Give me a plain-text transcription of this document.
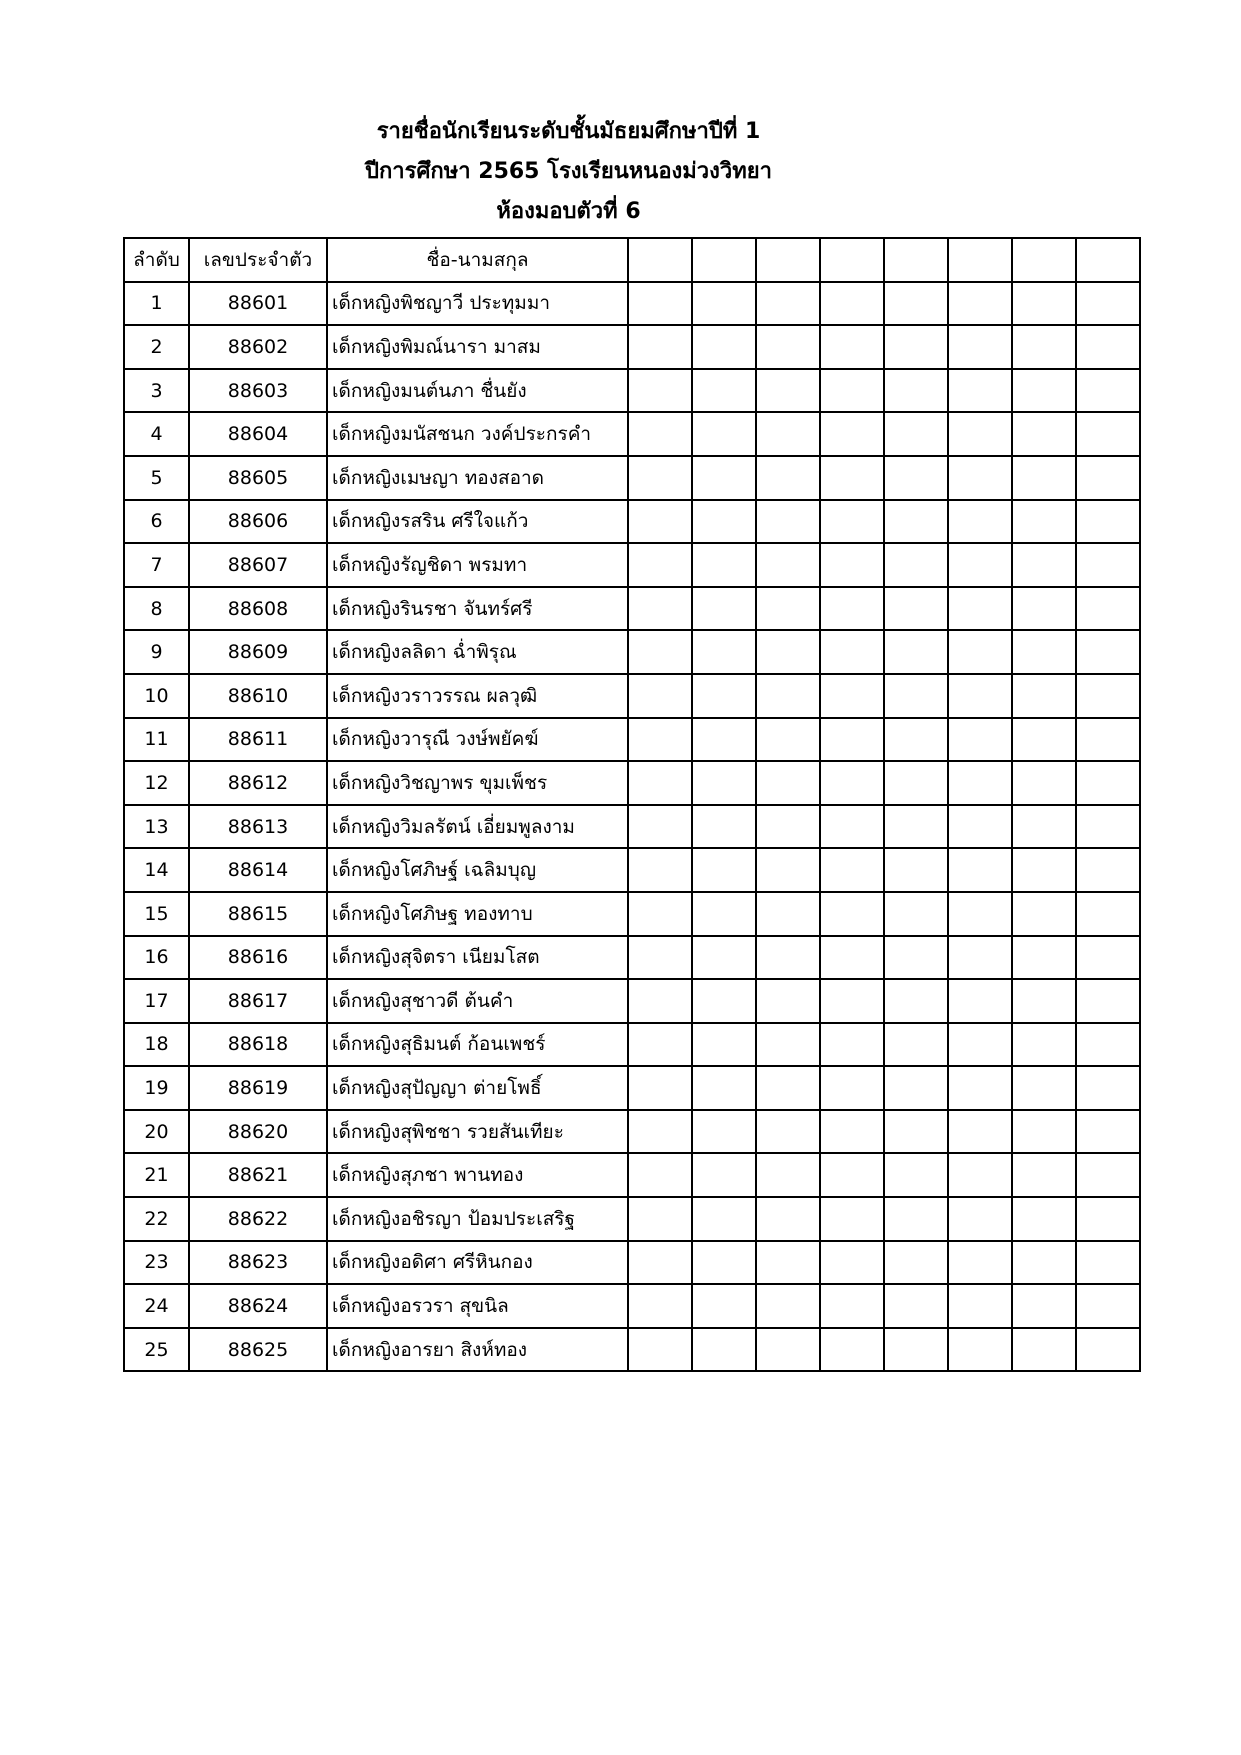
รายชื่อนักเรียนระดับชั้นมัธยมศึกษาปีที่ 1
ปีการศึกษา 2565 โรงเรียนหนองม่วงวิทยา
ห้องมอบตัวที่ 6
ลำดับ	เลขประจำตัว	ชื่อ-นามสกุล								
1	88601	เด็กหญิงพิชญาวี ประทุมมา								
2	88602	เด็กหญิงพิมณ์นารา มาสม								
3	88603	เด็กหญิงมนต์นภา ชื่นยัง								
4	88604	เด็กหญิงมนัสชนก วงค์ประกรคำ								
5	88605	เด็กหญิงเมษญา ทองสอาด								
6	88606	เด็กหญิงรสริน ศรีใจแก้ว								
7	88607	เด็กหญิงรัญชิดา พรมทา								
8	88608	เด็กหญิงรินรชา จันทร์ศรี								
9	88609	เด็กหญิงลลิดา ฉ่ำพิรุณ								
10	88610	เด็กหญิงวราวรรณ ผลวุฒิ								
11	88611	เด็กหญิงวารุณี วงษ์พยัคฆ์								
12	88612	เด็กหญิงวิชญาพร ขุมเพ็ชร								
13	88613	เด็กหญิงวิมลรัตน์ เอี่ยมพูลงาม								
14	88614	เด็กหญิงโศภิษฐ์ เฉลิมบุญ								
15	88615	เด็กหญิงโศภิษฐ ทองทาบ								
16	88616	เด็กหญิงสุจิตรา เนียมโสต								
17	88617	เด็กหญิงสุชาวดี ต้นคำ								
18	88618	เด็กหญิงสุธิมนต์ ก้อนเพชร์								
19	88619	เด็กหญิงสุปัญญา ต่ายโพธิ์								
20	88620	เด็กหญิงสุพิชชา รวยสันเทียะ								
21	88621	เด็กหญิงสุภชา พานทอง								
22	88622	เด็กหญิงอชิรญา ป้อมประเสริฐ								
23	88623	เด็กหญิงอดิศา ศรีหินกอง								
24	88624	เด็กหญิงอรวรา สุขนิล								
25	88625	เด็กหญิงอารยา สิงห์ทอง								
